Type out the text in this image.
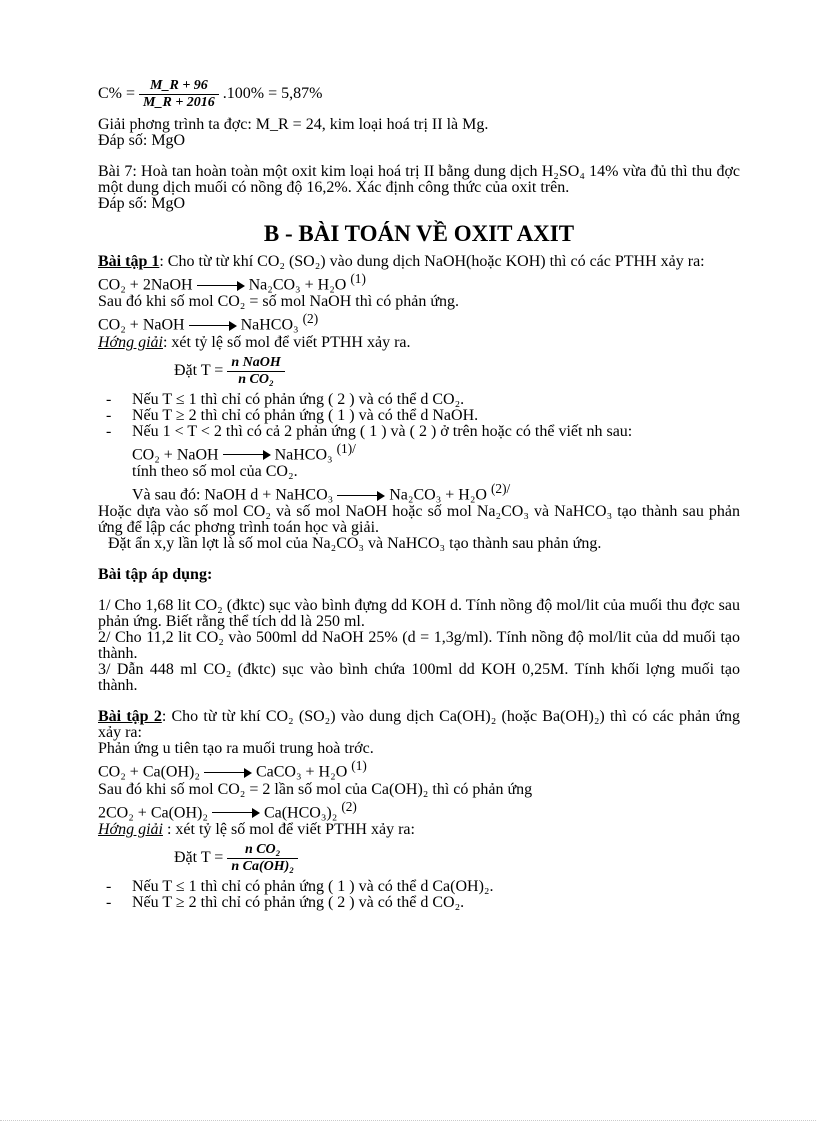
$C\% = \frac{M\_R + 96}{M\_R + 2016} .100\% = 5,87\%$

Giải phơng trình ta đợc: M_R = 24, kim loại hoá trị II là Mg.

Đáp số: MgO

Bài 7: Hoà tan hoàn toàn một oxit kim loại hoá trị II bằng dung dịch H₂SO₄ 14% vừa đủ thì thu đợc một dung dịch muối có nồng độ 16,2%. Xác định công thức của oxit trên.

Đáp số: MgO

B - BÀI TOÁN VỀ OXIT AXIT

Bài tập 1: Cho từ từ khí CO₂ (SO₂) vào dung dịch NaOH(hoặc KOH) thì có các PTHH xảy ra:

CO₂ + 2NaOH	Na₂CO₃ + H₂O $^{(1)}$

Sau đó khi số mol CO₂ = số mol NaOH thì có phản ứng.

CO₂ + NaOH	NaHCO₃ $^{(2)}$

Hớng giải: xét tỷ lệ số mol để viết PTHH xảy ra.

Đặt $T = \frac{\text{n NaOH}}{\text{n CO₂}}$

- Nếu T ≤ 1 thì chỉ có phản ứng ( 2 ) và có thể d CO₂.
- Nếu T ≥ 2 thì chỉ có phản ứng ( 1 ) và có thể d NaOH.
- Nếu 1 < T < 2 thì có cả 2 phản ứng ( 1 ) và ( 2 ) ở trên hoặc có thể viết nh sau:

CO₂ + NaOH	NaHCO₃ $^{(1)/}$

tính theo số mol của CO₂.

Và sau đó: NaOH d + NaHCO₃	Na₂CO₃ + H₂O $^{(2)/}$

Hoặc dựa vào số mol CO₂ và số mol NaOH hoặc số mol Na₂CO₃ và NaHCO₃ tạo thành sau phản ứng để lập các phơng trình toán học và giải.

Đặt ẩn x,y lần lợt là số mol của Na₂CO₃ và NaHCO₃ tạo thành sau phản ứng.

Bài tập áp dụng:

1/ Cho 1,68 lit CO₂ (đktc) sục vào bình đựng dd KOH d. Tính nồng độ mol/lit của muối thu đợc sau phản ứng. Biết rằng thể tích dd là 250 ml.

2/ Cho 11,2 lit CO₂ vào 500ml dd NaOH 25% (d = 1,3g/ml). Tính nồng độ mol/lit của dd muối tạo thành.

3/ Dẫn 448 ml CO₂ (đktc) sục vào bình chứa 100ml dd KOH 0,25M. Tính khối lợng muối tạo thành.

Bài tập 2: Cho từ từ khí CO₂ (SO₂) vào dung dịch Ca(OH)₂ (hoặc Ba(OH)₂) thì có các phản ứng xảy ra:

Phản ứng u tiên tạo ra muối trung hoà trớc.

CO₂ + Ca(OH)₂	CaCO₃ + H₂O $^{(1)}$

Sau đó khi số mol CO₂ = 2 lần số mol của Ca(OH)₂ thì có phản ứng

2CO₂ + Ca(OH)₂	Ca(HCO₃)₂ $^{(2)}$

Hớng giải : xét tỷ lệ số mol để viết PTHH xảy ra:

Đặt $T = \frac{\text{n CO₂}}{\text{n Ca(OH)₂}}$

- Nếu T ≤ 1 thì chỉ có phản ứng ( 1 ) và có thể d Ca(OH)₂.
- Nếu T ≥ 2 thì chỉ có phản ứng ( 2 ) và có thể d CO₂.
